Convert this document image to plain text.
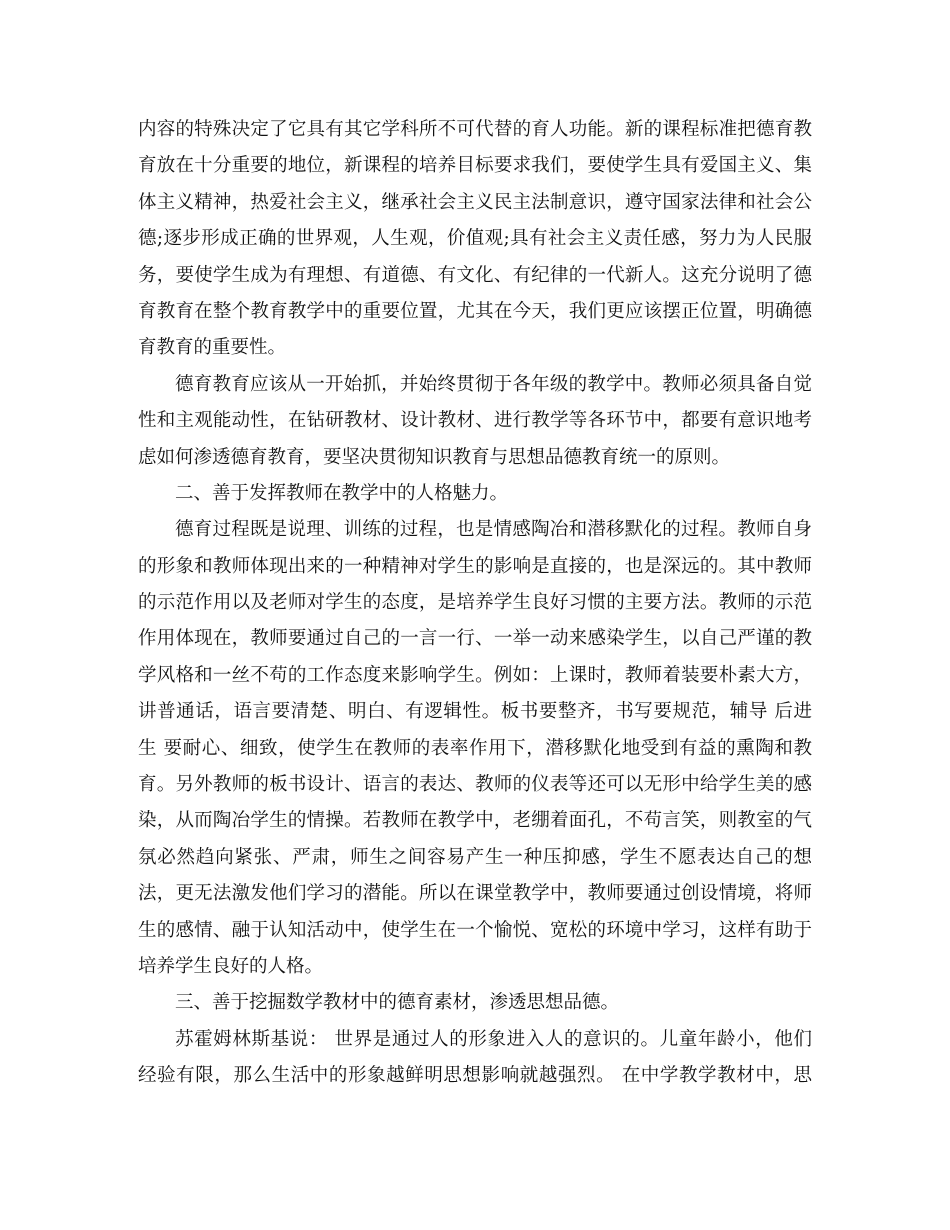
内容的特殊决定了它具有其它学科所不可代替的育人功能。新的课程标准把德育教
育放在十分重要的地位，新课程的培养目标要求我们，要使学生具有爱国主义、集
体主义精神，热爱社会主义，继承社会主义民主法制意识，遵守国家法律和社会公
德;逐步形成正确的世界观，人生观，价值观;具有社会主义责任感，努力为人民服
务，要使学生成为有理想、有道德、有文化、有纪律的一代新人。这充分说明了德
育教育在整个教育教学中的重要位置，尤其在今天，我们更应该摆正位置，明确德
育教育的重要性。
德育教育应该从一开始抓，并始终贯彻于各年级的教学中。教师必须具备自觉
性和主观能动性，在钻研教材、设计教材、进行教学等各环节中，都要有意识地考
虑如何渗透德育教育，要坚决贯彻知识教育与思想品德教育统一的原则。
二、善于发挥教师在教学中的人格魅力。
德育过程既是说理、训练的过程，也是情感陶冶和潜移默化的过程。教师自身
的形象和教师体现出来的一种精神对学生的影响是直接的，也是深远的。其中教师
的示范作用以及老师对学生的态度，是培养学生良好习惯的主要方法。教师的示范
作用体现在，教师要通过自己的一言一行、一举一动来感染学生，以自己严谨的教
学风格和一丝不苟的工作态度来影响学生。例如：上课时，教师着装要朴素大方，
讲普通话，语言要清楚、明白、有逻辑性。板书要整齐，书写要规范，辅导 后进
生 要耐心、细致，使学生在教师的表率作用下，潜移默化地受到有益的熏陶和教
育。另外教师的板书设计、语言的表达、教师的仪表等还可以无形中给学生美的感
染，从而陶冶学生的情操。若教师在教学中，老绷着面孔，不苟言笑，则教室的气
氛必然趋向紧张、严肃，师生之间容易产生一种压抑感，学生不愿表达自己的想
法，更无法激发他们学习的潜能。所以在课堂教学中，教师要通过创设情境，将师
生的感情、融于认知活动中，使学生在一个愉悦、宽松的环境中学习，这样有助于
培养学生良好的人格。
三、善于挖掘数学教材中的德育素材，渗透思想品德。
苏霍姆林斯基说： 世界是通过人的形象进入人的意识的。儿童年龄小，他们
经验有限，那么生活中的形象越鲜明思想影响就越强烈。 在中学教学教材中，思
